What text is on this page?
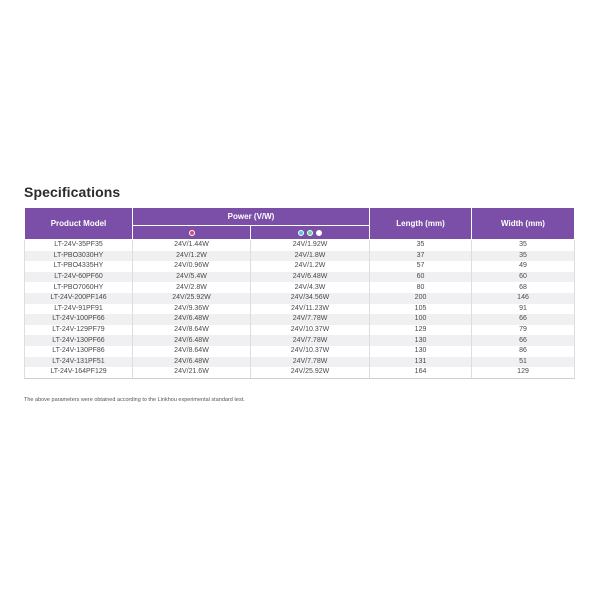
Specifications
Product Model	Power (V/W)		Length (mm)	Width (mm)

LT-24V-35PF35	24V/1.44W	24V/1.92W	35	35
LT-PBO3030HY	24V/1.2W	24V/1.8W	37	35
LT-PBO4335HY	24V/0.96W	24V/1.2W	57	49
LT-24V-60PF60	24V/5.4W	24V/6.48W	60	60
LT-PBO7060HY	24V/2.8W	24V/4.3W	80	68
LT-24V-200PF146	24V/25.92W	24V/34.56W	200	146
LT-24V-91PF91	24V/9.36W	24V/11.23W	105	91
LT-24V-100PF66	24V/6.48W	24V/7.78W	100	66
LT-24V-129PF79	24V/8.64W	24V/10.37W	129	79
LT-24V-130PF66	24V/6.48W	24V/7.78W	130	66
LT-24V-130PF86	24V/8.64W	24V/10.37W	130	86
LT-24V-131PF51	24V/6.48W	24V/7.78W	131	51
LT-24V-164PF129	24V/21.6W	24V/25.92W	164	129
The above parameters were obtained according to the Linkhou experimental standard test.
